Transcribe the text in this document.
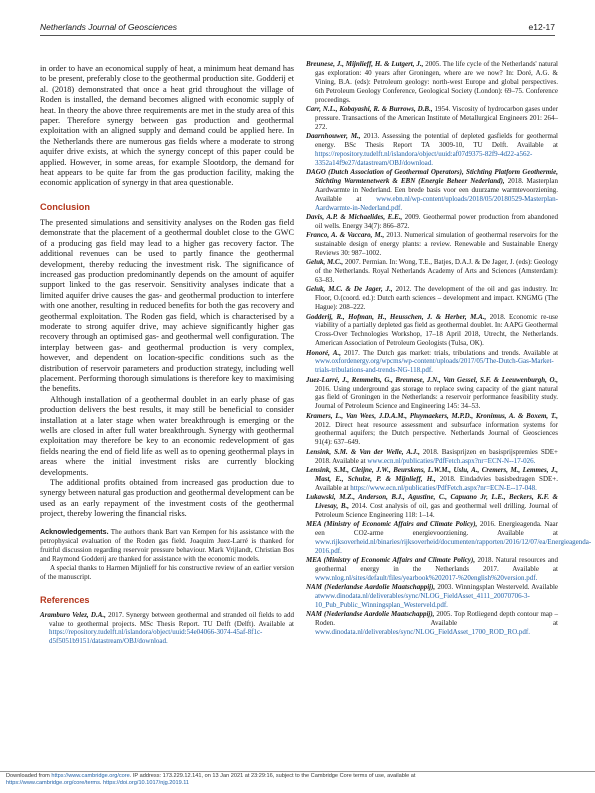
Netherlands Journal of Geosciences	e12-17

in order to have an economical supply of heat, a minimum heat demand has to be present, preferably close to the geothermal production site. Godderij et al. (2018) demonstrated that once a heat grid throughout the village of Roden is installed, the demand becomes aligned with economic supply of heat. In theory the above three requirements are met in the study area of this paper. Therefore synergy between gas production and geothermal exploitation with an aligned supply and demand could be applied here. In the Netherlands there are numerous gas fields where a moderate to strong aquifer drive exists, at which the synergy concept of this paper could be applied. However, in some areas, for example Slootdorp, the demand for heat appears to be quite far from the gas production facility, making the economic application of synergy in that area questionable.

Conclusion

The presented simulations and sensitivity analyses on the Roden gas field demonstrate that the placement of a geothermal doublet close to the GWC of a producing gas field may lead to a higher gas recovery factor. The additional revenues can be used to partly finance the geothermal development, thereby reducing the investment risk. The significance of increased gas production predominantly depends on the amount of aquifer support linked to the gas reservoir. Sensitivity analyses indicate that a limited aquifer drive causes the gas- and geothermal production to interfere with one another, resulting in reduced benefits for both the gas recovery and geothermal exploitation. The Roden gas field, which is characterised by a moderate to strong aquifer drive, may achieve significantly higher gas recovery through an optimised gas- and geothermal well configuration. The interplay between gas- and geothermal production is very complex, however, and dependent on location-specific conditions such as the distribution of reservoir parameters and production strategy, including well placement. Performing thorough simulations is therefore key to maximising the benefits.

Although installation of a geothermal doublet in an early phase of gas production delivers the best results, it may still be beneficial to consider installation at a later stage when water breakthrough is emerging or the wells are closed in after full water breakthrough. Synergy with geothermal exploitation may therefore be key to an economic redevelopment of gas fields nearing the end of field life as well as to opening geothermal plays in areas where the initial investment risks are currently blocking developments.

The additional profits obtained from increased gas production due to synergy between natural gas production and geothermal development can be used as an early repayment of the investment costs of the geothermal project, thereby lowering the financial risks.

Acknowledgements. The authors thank Bart van Kempen for his assistance with the petrophysical evaluation of the Roden gas field. Joaquim Juez-Larré is thanked for fruitful discussion regarding reservoir pressure behaviour. Mark Vrijlandt, Christian Bos and Raymond Godderij are thanked for assistance with the economic models.

A special thanks to Harmen Mijnlieff for his constructive review of an earlier version of the manuscript.

References

Aramburo Velez, D.A., 2017. Synergy between geothermal and stranded oil fields to add value to geothermal projects. MSc Thesis Report. TU Delft (Delft). Available at https://repository.tudelft.nl/islandora/object/uuid:54e04066-3074-45af-8f1c-d5f5051b9151/datastream/OBJ/download.

Breunese, J., Mijnlieff, H. & Lutgert, J., 2005. The life cycle of the Netherlands' natural gas exploration: 40 years after Groningen, where are we now? In: Doré, A.G. & Vining, B.A. (eds): Petroleum geology: north-west Europe and global perspectives. 6th Petroleum Geology Conference, Geological Society (London): 69–75. Conference proceedings.

Carr, N.L., Kobayashi, R. & Burrows, D.B., 1954. Viscosity of hydrocarbon gases under pressure. Transactions of the American Institute of Metallurgical Engineers 201: 264–272.

Daarnhouwer, M., 2013. Assessing the potential of depleted gasfields for geothermal energy. BSc Thesis Report TA 3009-10, TU Delft. Available at https://repository.tudelft.nl/islandora/object/uuid:af07d9375-82f9-4d22-a562-3352a14f9e27/datastream/OBJ/download.

DAGO (Dutch Association of Geothermal Operators), Stichting Platform Geothermie, Stichting Warmtenetwerk & EBN (Energie Beheer Nederland), 2018. Masterplan Aardwarmte in Nederland. Een brede basis voor een duurzame warmtevoorziening. Available at www.ebn.nl/wp-content/uploads/2018/05/20180529-Masterplan-Aardwarmte-in-Nederland.pdf.

Davis, A.P. & Michaelides, E.E., 2009. Geothermal power production from abandoned oil wells. Energy 34(7): 866–872.

Franco, A. & Vaccaro, M., 2013. Numerical simulation of geothermal reservoirs for the sustainable design of energy plants: a review. Renewable and Sustainable Energy Reviews 30: 987–1002.

Geluk, M.C., 2007. Permian. In: Wong, T.E., Batjes, D.A.J. & De Jager, J. (eds): Geology of the Netherlands. Royal Netherlands Academy of Arts and Sciences (Amsterdam): 63–83.

Geluk, M.C. & De Jager, J., 2012. The development of the oil and gas industry. In: Floor, O.(coord. ed.): Dutch earth sciences – development and impact. KNGMG (The Hague): 208–222.

Godderij, R., Hofman, H., Heusschen, J. & Herber, M.A., 2018. Economic re-use viability of a partially depleted gas field as geothermal doublet. In: AAPG Geothermal Cross-Over Technologies Workshop, 17–18 April 2018, Utrecht, the Netherlands. American Association of Petroleum Geologists (Tulsa, OK).

Honoré, A., 2017. The Dutch gas market: trials, tribulations and trends. Available at www.oxfordenergy.org/wpcms/wp-content/uploads/2017/05/The-Dutch-Gas-Market-trials-tribulations-and-trends-NG-118.pdf.

Juez-Larré, J., Remmelts, G., Breunese, J.N., Van Gessel, S.F. & Leeuwenburgh, O., 2016. Using underground gas storage to replace swing capacity of the giant natural gas field of Groningen in the Netherlands: a reservoir performance feasibility study. Journal of Petroleum Science and Engineering 145: 34–53.

Kramers, L., Van Wees, J.D.A.M., Pluymaekers, M.P.D., Kronimus, A. & Boxem, T., 2012. Direct heat resource assessment and subsurface information systems for geothermal aquifers; the Dutch perspective. Netherlands Journal of Geosciences 91(4): 637–649.

Lensink, S.M. & Van der Welle, A.J., 2018. Basisprijzen en basisprijspremies SDE+ 2018. Available at www.ecn.nl/publicaties/PdfFetch.aspx?nr=ECN-N--17-026.

Lensink, S.M., Cleijne, J.W., Beurskens, L.W.M., Uslu, A., Cremers, M., Lemmes, J., Mast, E., Schulze, P. & Mijnlieff, H., 2018. Eindadvies basisbedragen SDE+. Available at https://www.ecn.nl/publicaties/PdfFetch.aspx?nr=ECN-E--17-048.

Lukawski, M.Z., Anderson, B.J., Agustine, C., Capuano Jr, L.E., Beckers, K.F. & Livesay, B., 2014. Cost analysis of oil, gas and geothermal well drilling. Journal of Petroleum Science Engineering 118: 1–14.

MEA (Ministry of Economic Affairs and Climate Policy), 2016. Energieagenda. Naar een CO2-arme energievoorziening. Available at www.rijksoverheid.nl/binaries/rijksoverheid/documenten/rapporten/2016/12/07/ea/Energieagenda-2016.pdf.

MEA (Ministry of Economic Affairs and Climate Policy), 2018. Natural resources and geothermal energy in the Netherlands 2017. Available at www.nlog.nl/sites/default/files/yearbook%202017-%20english%20version.pdf.

NAM (Nederlandse Aardolie Maatschappij), 2003. Winningsplan Westerveld. Available atwww.dinodata.nl/deliverables/sync/NLOG_FieldAsset_4111_20070706-3-10_Pub_Public_Winningsplan_Westerveld.pdf.

NAM (Nederlandse Aardolie Maatschappij), 2005. Top Rotliegend depth contour map – Roden. Available at www.dinodata.nl/deliverables/sync/NLOG_FieldAsset_1700_ROD_RO.pdf.

Downloaded from https://www.cambridge.org/core. IP address: 173.229.12.141, on 13 Jan 2021 at 23:29:16, subject to the Cambridge Core terms of use, available at
https://www.cambridge.org/core/terms. https://doi.org/10.1017/njg.2019.11
